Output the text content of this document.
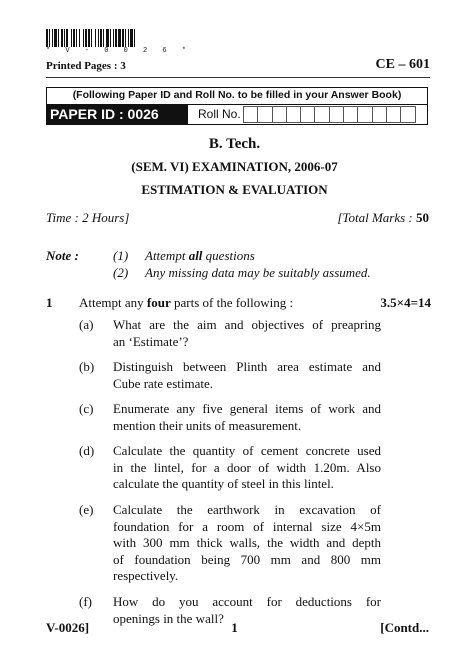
* V - 0 0 2 6 *
Printed Pages : 3	CE – 601
(Following Paper ID and Roll No. to be filled in your Answer Book)
PAPER ID : 0026	Roll No.
B. Tech.
(SEM. VI) EXAMINATION, 2006-07
ESTIMATION & EVALUATION
Time : 2 Hours]	[Total Marks : 50
Note :	(1) Attempt all questions
(2) Any missing data may be suitably assumed.
1 Attempt any four parts of the following :	3.5×4=14
(a) What are the aim and objectives of preapring
an ‘Estimate’?
(b) Distinguish between Plinth area estimate and
Cube rate estimate.
(c) Enumerate any five general items of work and
mention their units of measurement.
(d) Calculate the quantity of cement concrete used
in the lintel, for a door of width 1.20m. Also
calculate the quantity of steel in this lintel.
(e) Calculate the earthwork in excavation of
foundation for a room of internal size 4×5m
with 300 mm thick walls, the width and depth
of foundation being 700 mm and 800 mm
respectively.
(f) How do you account for deductions for
openings in the wall?
V-0026]	1	[Contd...
